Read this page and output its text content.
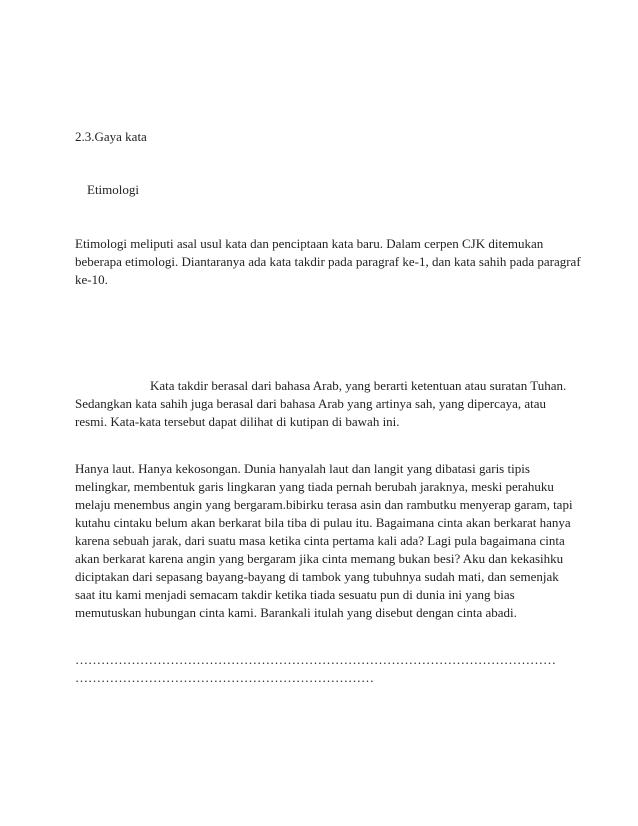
2.3.Gaya kata
Etimologi
Etimologi meliputi asal usul kata dan penciptaan kata baru. Dalam cerpen CJK ditemukan
beberapa etimologi. Diantaranya ada kata takdir pada paragraf ke-1, dan kata sahih pada paragraf
ke-10.
Kata takdir berasal dari bahasa Arab, yang berarti ketentuan atau suratan Tuhan.
Sedangkan kata sahih juga berasal dari bahasa Arab yang artinya sah, yang dipercaya, atau
resmi. Kata-kata tersebut dapat dilihat di kutipan di bawah ini.
Hanya laut. Hanya kekosongan. Dunia hanyalah laut dan langit yang dibatasi garis tipis
melingkar, membentuk garis lingkaran yang tiada pernah berubah jaraknya, meski perahuku
melaju menembus angin yang bergaram.bibirku terasa asin dan rambutku menyerap garam, tapi
kutahu cintaku belum akan berkarat bila tiba di pulau itu. Bagaimana cinta akan berkarat hanya
karena sebuah jarak, dari suatu masa ketika cinta pertama kali ada? Lagi pula bagaimana cinta
akan berkarat karena angin yang bergaram jika cinta memang bukan besi? Aku dan kekasihku
diciptakan dari sepasang bayang-bayang di tambok yang tubuhnya sudah mati, dan semenjak
saat itu kami menjadi semacam takdir ketika tiada sesuatu pun di dunia ini yang bias
memutuskan hubungan cinta kami. Barankali itulah yang disebut dengan cinta abadi.
…………………………………………………………………………………………………
……………………………………………………………
